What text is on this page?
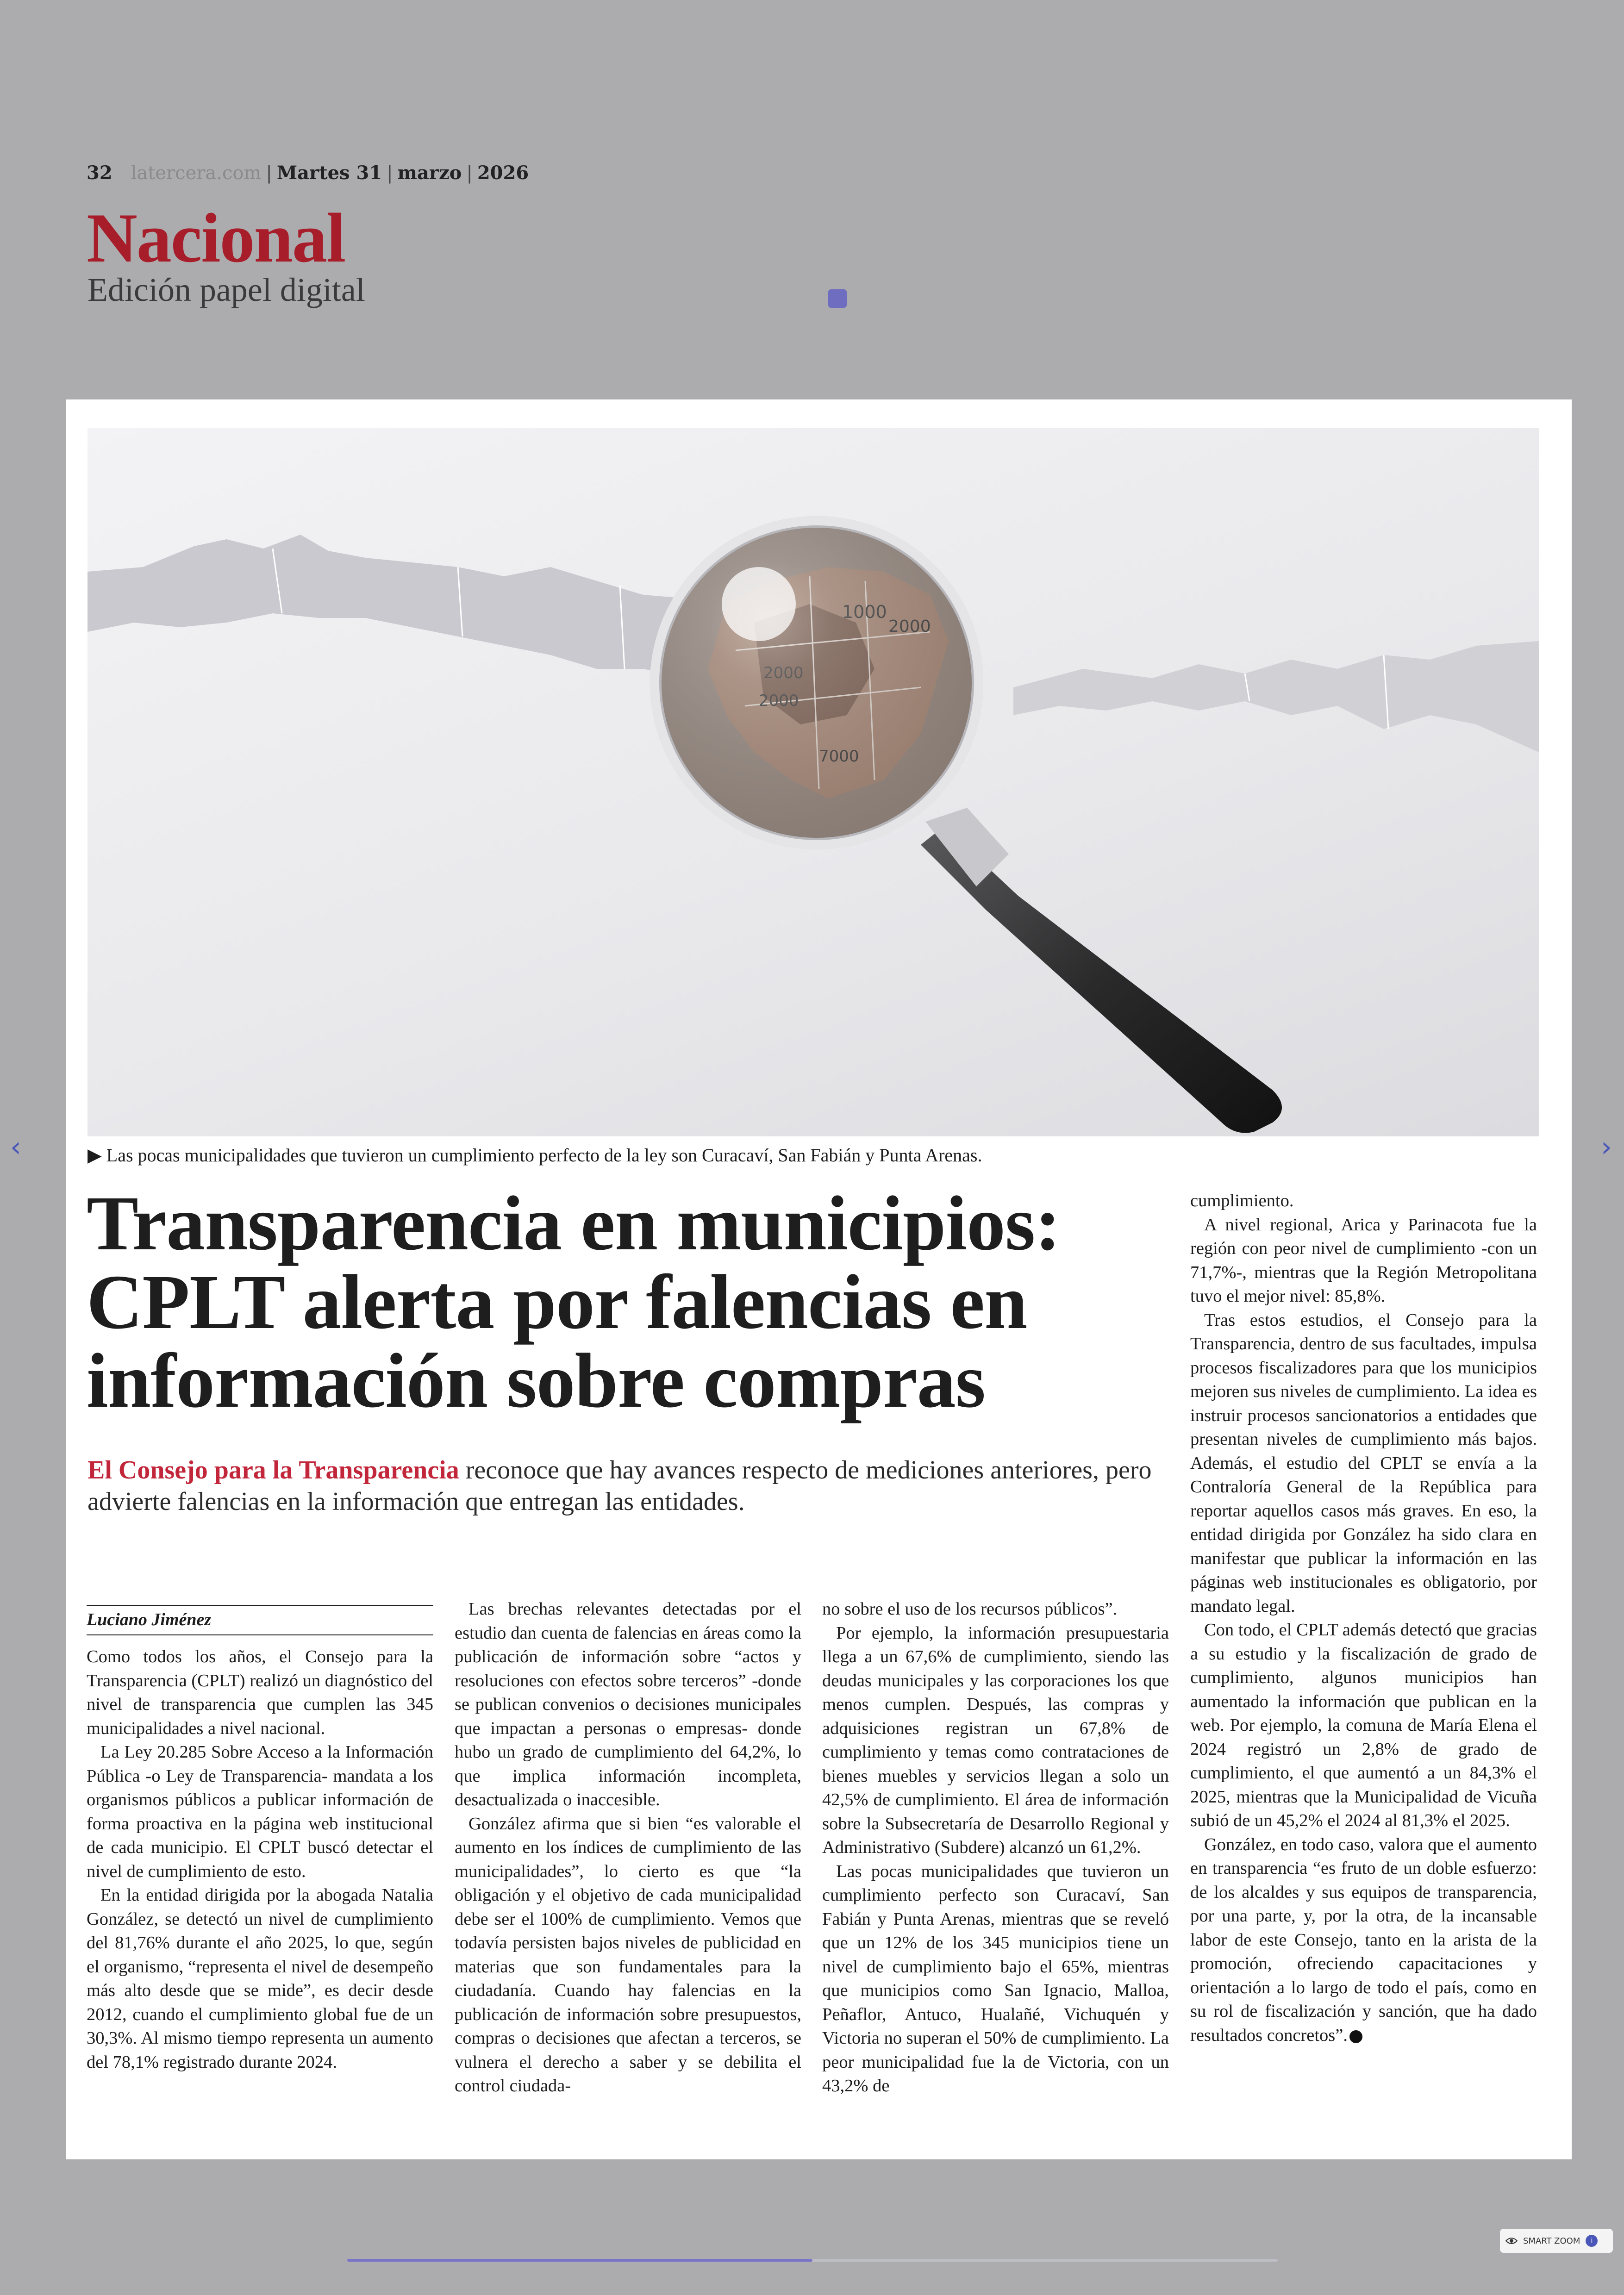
32 latercera.com | Martes 31 | marzo | 2026
Nacional
Edición papel digital
1000
2000
2000
2000
7000
▶ Las pocas municipalidades que tuvieron un cumplimiento perfecto de la ley son Curacaví, San Fabián y Punta Arenas.
Transparencia en municipios: CPLT alerta por falencias en información sobre compras
El Consejo para la Transparencia reconoce que hay avances respecto de mediciones anteriores, pero advierte falencias en la información que entregan las entidades.
Luciano Jiménez

Como todos los años, el Consejo para la Transparencia (CPLT) realizó un diagnóstico del nivel de transparencia que cumplen las 345 municipalidades a nivel nacional.

La Ley 20.285 Sobre Acceso a la Información Pública -o Ley de Transparencia- mandata a los organismos públicos a publicar información de forma proactiva en la página web institucional de cada municipio. El CPLT buscó detectar el nivel de cumplimiento de esto.

En la entidad dirigida por la abogada Natalia González, se detectó un nivel de cumplimiento del 81,76% durante el año 2025, lo que, según el organismo, “representa el nivel de desempeño más alto desde que se mide”, es decir desde 2012, cuando el cumplimiento global fue de un 30,3%. Al mismo tiempo representa un aumento del 78,1% registrado durante 2024.

Las brechas relevantes detectadas por el estudio dan cuenta de falencias en áreas como la publicación de información sobre “actos y resoluciones con efectos sobre terceros” -donde se publican convenios o decisiones municipales que impactan a personas o empresas- donde hubo un grado de cumplimiento del 64,2%, lo que implica información incompleta, desactualizada o inaccesible.

González afirma que si bien “es valorable el aumento en los índices de cumplimiento de las municipalidades”, lo cierto es que “la obligación y el objetivo de cada municipalidad debe ser el 100% de cumplimiento. Vemos que todavía persisten bajos niveles de publicidad en materias que son fundamentales para la ciudadanía. Cuando hay falencias en la publicación de información sobre presupuestos, compras o decisiones que afectan a terceros, se vulnera el derecho a saber y se debilita el control ciudada-

no sobre el uso de los recursos públicos”.

Por ejemplo, la información presupuestaria llega a un 67,6% de cumplimiento, siendo las deudas municipales y las corporaciones los que menos cumplen. Después, las compras y adquisiciones registran un 67,8% de cumplimiento y temas como contrataciones de bienes muebles y servicios llegan a solo un 42,5% de cumplimiento. El área de información sobre la Subsecretaría de Desarrollo Regional y Administrativo (Subdere) alcanzó un 61,2%.

Las pocas municipalidades que tuvieron un cumplimiento perfecto son Curacaví, San Fabián y Punta Arenas, mientras que se reveló que un 12% de los 345 municipios tiene un nivel de cumplimiento bajo el 65%, mientras que municipios como San Ignacio, Malloa, Peñaflor, Antuco, Hualañé, Vichuquén y Victoria no superan el 50% de cumplimiento. La peor municipalidad fue la de Victoria, con un 43,2% de

cumplimiento.

A nivel regional, Arica y Parinacota fue la región con peor nivel de cumplimiento -con un 71,7%-, mientras que la Región Metropolitana tuvo el mejor nivel: 85,8%.

Tras estos estudios, el Consejo para la Transparencia, dentro de sus facultades, impulsa procesos fiscalizadores para que los municipios mejoren sus niveles de cumplimiento. La idea es instruir procesos sancionatorios a entidades que presentan niveles de cumplimiento más bajos. Además, el estudio del CPLT se envía a la Contraloría General de la República para reportar aquellos casos más graves. En eso, la entidad dirigida por González ha sido clara en manifestar que publicar la información en las páginas web institucionales es obligatorio, por mandato legal.

Con todo, el CPLT además detectó que gracias a su estudio y la fiscalización de grado de cumplimiento, algunos municipios han aumentado la información que publican en la web. Por ejemplo, la comuna de María Elena el 2024 registró un 2,8% de grado de cumplimiento, el que aumentó a un 84,3% el 2025, mientras que la Municipalidad de Vicuña subió de un 45,2% el 2024 al 81,3% el 2025.

González, en todo caso, valora que el aumento en transparencia “es fruto de un doble esfuerzo: de los alcaldes y sus equipos de transparencia, por una parte, y, por la otra, de la incansable labor de este Consejo, tanto en la arista de la promoción, ofreciendo capacitaciones y orientación a lo largo de todo el país, como en su rol de fiscalización y sanción, que ha dado resultados concretos”.

‹	›
SMART ZOOM	i
